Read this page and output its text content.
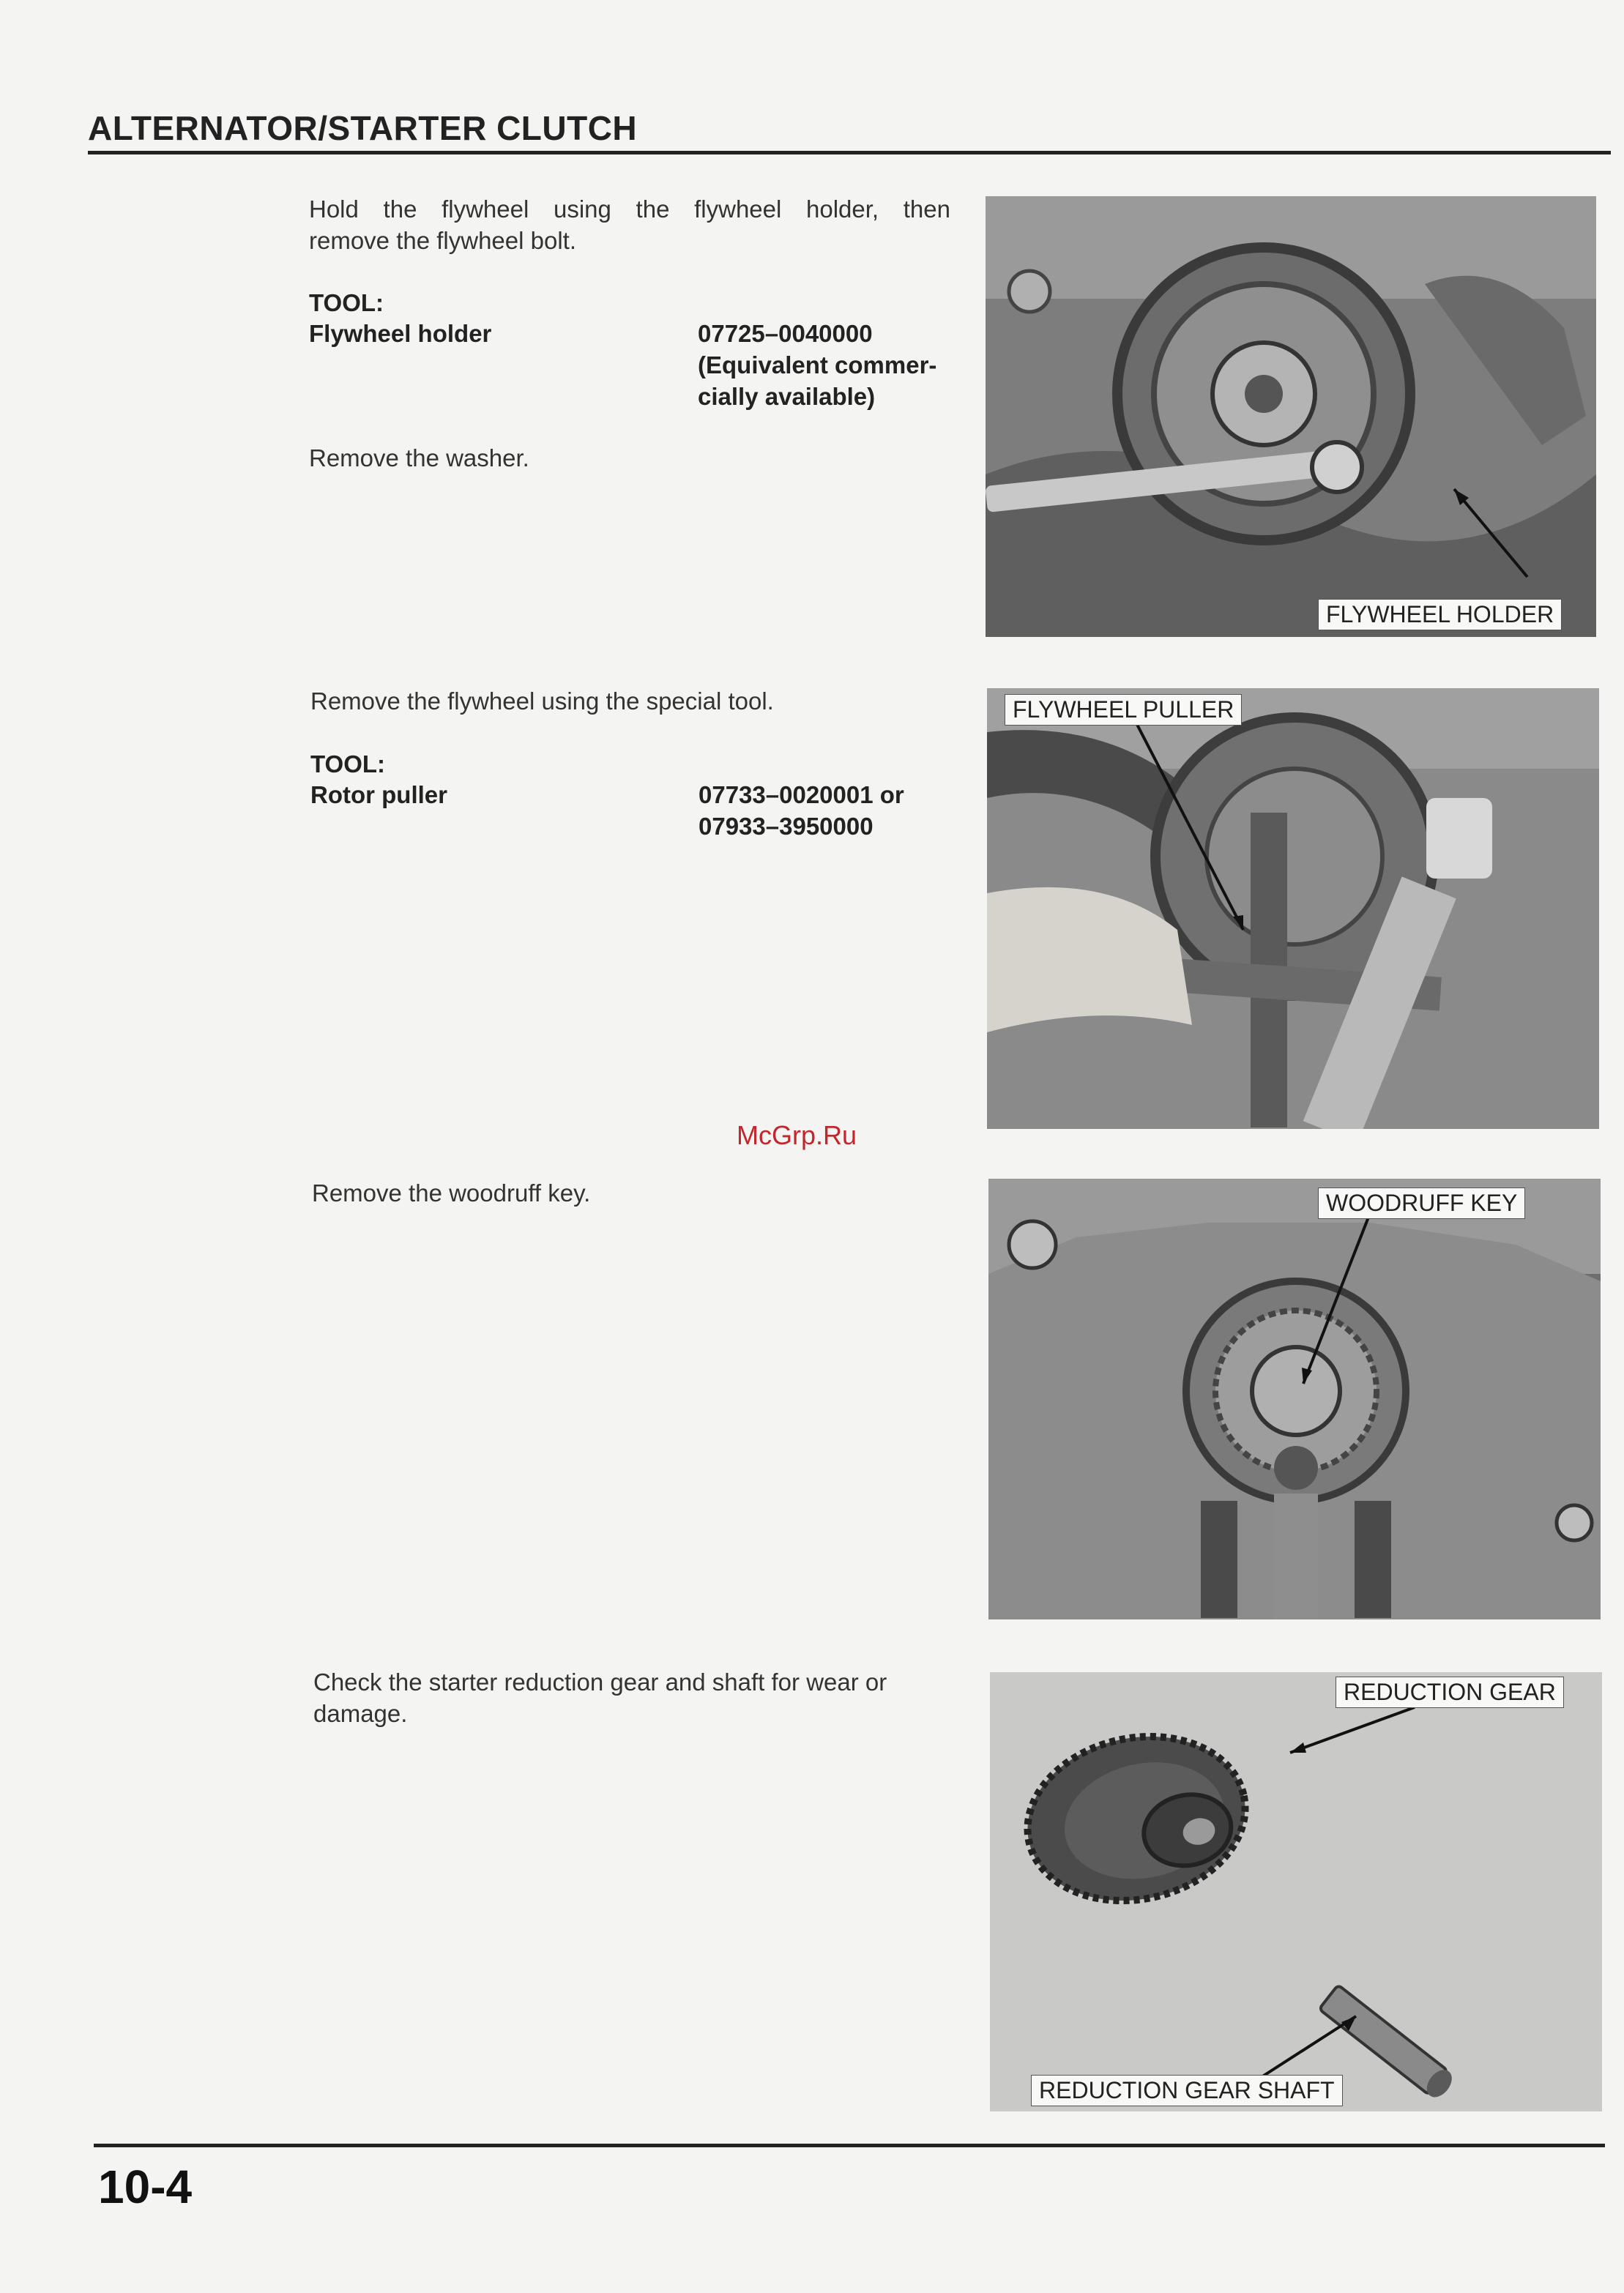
ALTERNATOR/STARTER CLUTCH
Hold the flywheel using the flywheel holder, then
remove the flywheel bolt.
TOOL:
Flywheel holder	07725–0040000
(Equivalent commer-
cially available)
Remove the washer.
FLYWHEEL HOLDER
Remove the flywheel using the special tool.
TOOL:
Rotor puller	07733–0020001 or
07933–3950000
FLYWHEEL PULLER
McGrp.Ru
Remove the woodruff key.	WOODRUFF KEY
Check the starter reduction gear and shaft for wear or
damage.
REDUCTION GEAR
REDUCTION GEAR SHAFT
10-4
